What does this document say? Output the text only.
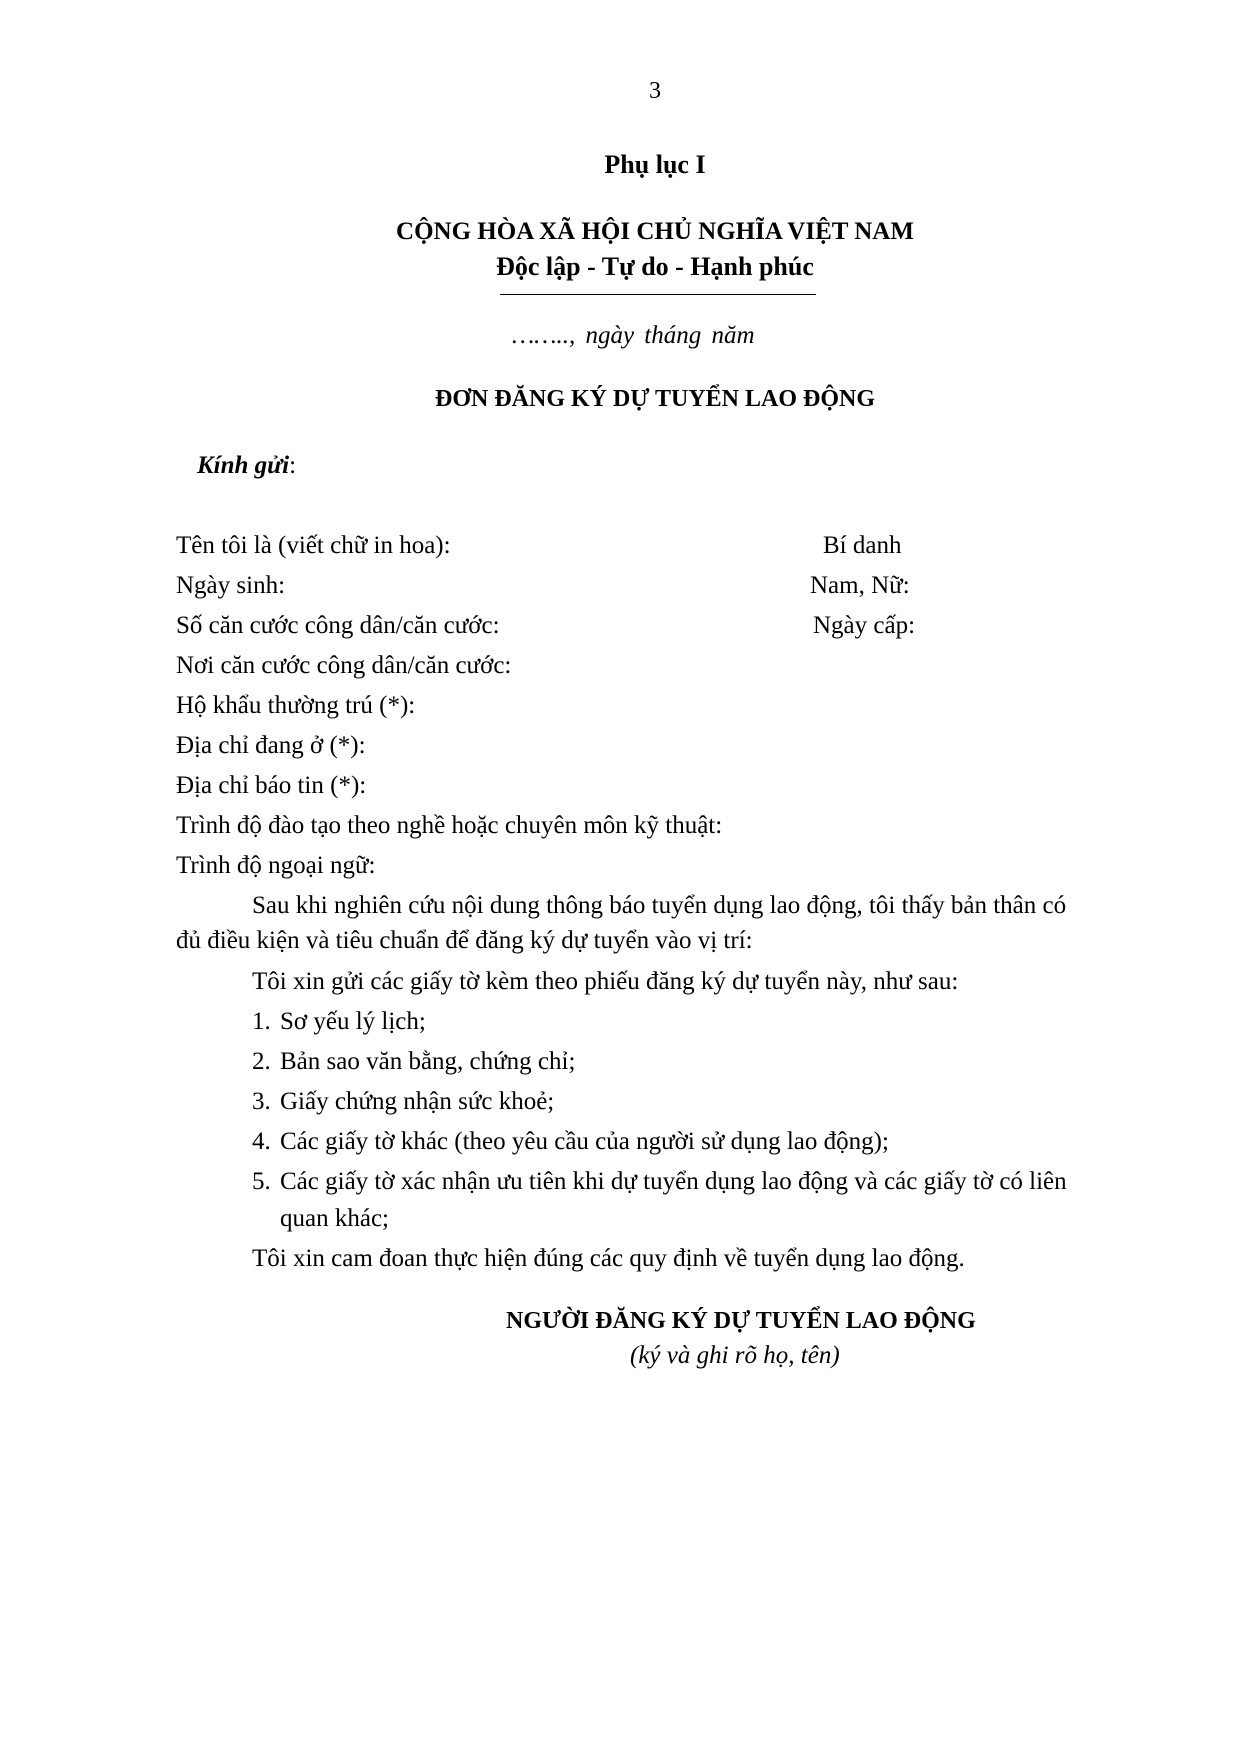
3
Phụ lục I
CỘNG HÒA XÃ HỘI CHỦ NGHĨA VIỆT NAM
Độc lập - Tự do - Hạnh phúc
…….., ngày tháng năm
ĐƠN ĐĂNG KÝ DỰ TUYỂN LAO ĐỘNG
Kính gửi:
Tên tôi là (viết chữ in hoa):	Bí danh
Ngày sinh:	Nam, Nữ:
Số căn cước công dân/căn cước:	Ngày cấp:
Nơi căn cước công dân/căn cước:
Hộ khẩu thường trú (*):
Địa chỉ đang ở (*):
Địa chỉ báo tin (*):
Trình độ đào tạo theo nghề hoặc chuyên môn kỹ thuật:
Trình độ ngoại ngữ:
Sau khi nghiên cứu nội dung thông báo tuyển dụng lao động, tôi thấy bản thân có
đủ điều kiện và tiêu chuẩn để đăng ký dự tuyển vào vị trí:
Tôi xin gửi các giấy tờ kèm theo phiếu đăng ký dự tuyển này, như sau:
1. Sơ yếu lý lịch;
2. Bản sao văn bằng, chứng chỉ;
3. Giấy chứng nhận sức khoẻ;
4. Các giấy tờ khác (theo yêu cầu của người sử dụng lao động);
5. Các giấy tờ xác nhận ưu tiên khi dự tuyển dụng lao động và các giấy tờ có liên
quan khác;
Tôi xin cam đoan thực hiện đúng các quy định về tuyển dụng lao động.
NGƯỜI ĐĂNG KÝ DỰ TUYỂN LAO ĐỘNG
(ký và ghi rõ họ, tên)
